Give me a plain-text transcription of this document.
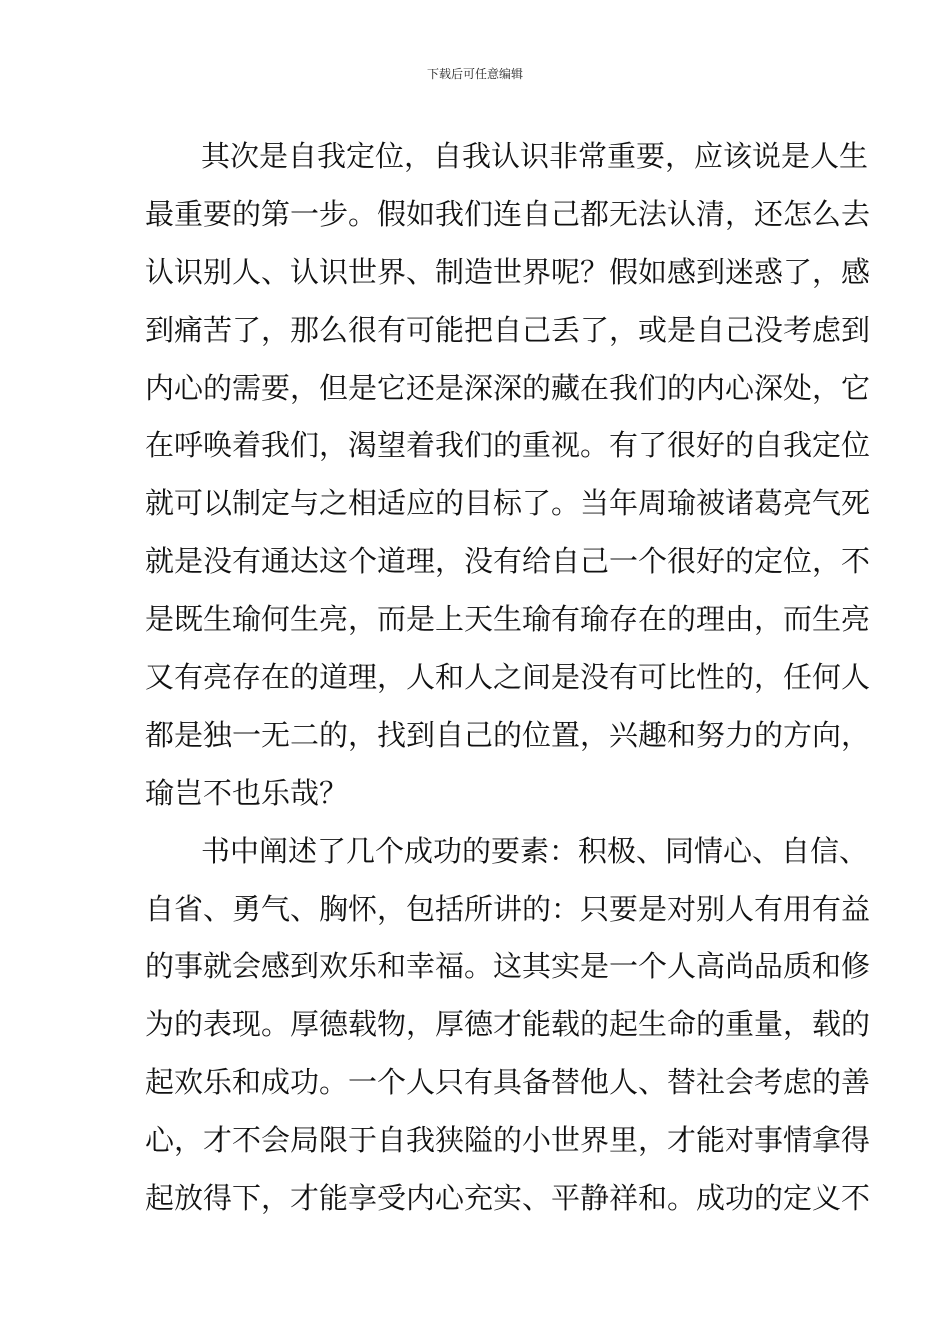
下载后可任意编辑
其次是自我定位，自我认识非常重要，应该说是人生
最重要的第一步。假如我们连自己都无法认清，还怎么去
认识别人、认识世界、制造世界呢？假如感到迷惑了，感
到痛苦了，那么很有可能把自己丢了，或是自己没考虑到
内心的需要，但是它还是深深的藏在我们的内心深处，它
在呼唤着我们，渴望着我们的重视。有了很好的自我定位
就可以制定与之相适应的目标了。当年周瑜被诸葛亮气死
就是没有通达这个道理，没有给自己一个很好的定位，不
是既生瑜何生亮，而是上天生瑜有瑜存在的理由，而生亮
又有亮存在的道理，人和人之间是没有可比性的，任何人
都是独一无二的，找到自己的位置，兴趣和努力的方向，
瑜岂不也乐哉？
书中阐述了几个成功的要素：积极、同情心、自信、
自省、勇气、胸怀，包括所讲的：只要是对别人有用有益
的事就会感到欢乐和幸福。这其实是一个人高尚品质和修
为的表现。厚德载物，厚德才能载的起生命的重量，载的
起欢乐和成功。一个人只有具备替他人、替社会考虑的善
心，才不会局限于自我狭隘的小世界里，才能对事情拿得
起放得下，才能享受内心充实、平静祥和。成功的定义不
